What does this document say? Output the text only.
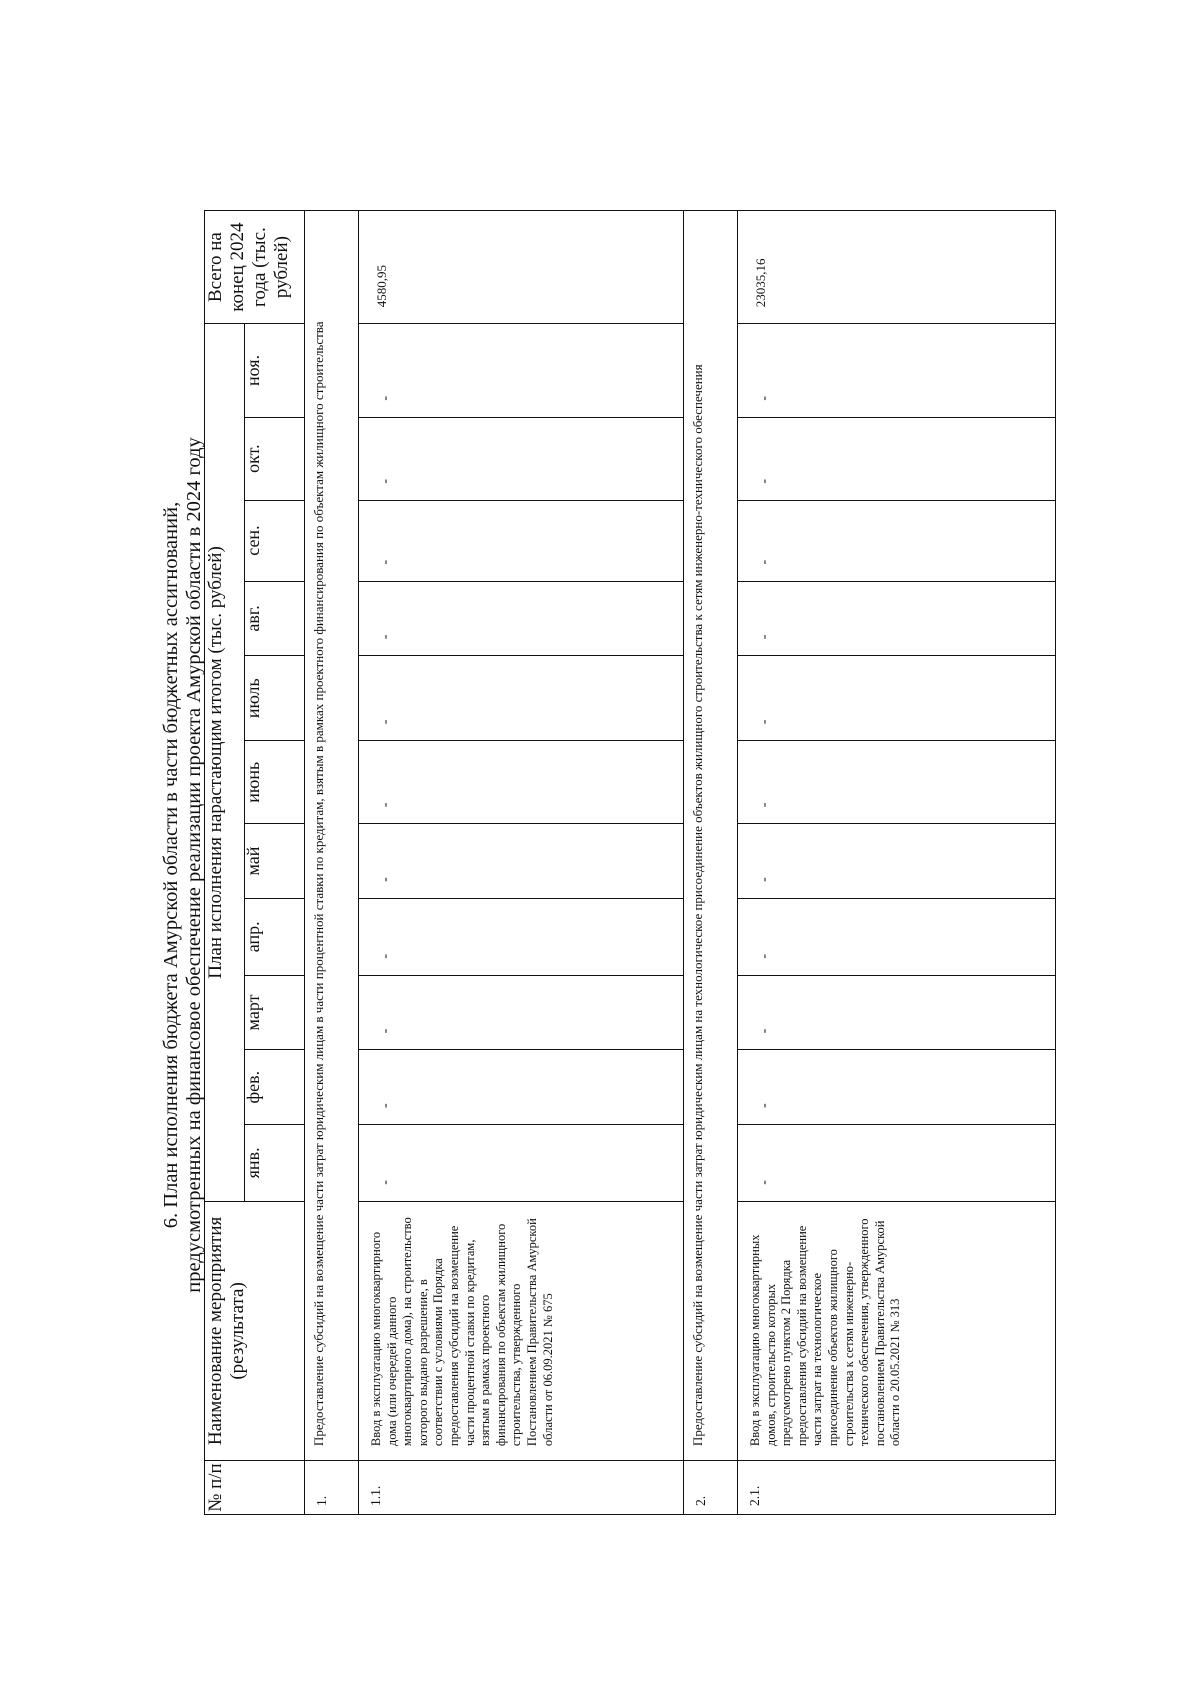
6. План исполнения бюджета Амурской области в части бюджетных ассигнований, предусмотренных на финансовое обеспечение реализации проекта Амурской области в 2024 году
№ п/п	Наименование мероприятия (результата)	План исполнения нарастающим итогом (тыс. рублей)											Всего на конец 2024 года (тыс. рублей)
		янв.	фев.	март	апр.	май	июнь	июль	авг.	сен.	окт.	ноя.	
1.	Предоставление субсидий на возмещение части затрат юридическим лицам в части процентной ставки по кредитам, взятым в рамках проектного финансирования по объектам жилищного строительства												
1.1.	Ввод в эксплуатацию многоквартирного дома (или очередей данного многоквартирного дома), на строительство которого выдано разрешение, в соответствии с условиями Порядка предоставления субсидий на возмещение части процентной ставки по кредитам, взятым в рамках проектного финансирования по объектам жилищного строительства, утвержденного Постановлением Правительства Амурской области от 06.09.2021 № 675	-	-	-	-	-	-	-	-	-	-	-	4580,95
2.	Предоставление субсидий на возмещение части затрат юридическим лицам на технологическое присоединение объектов жилищного строительства к сетям инженерно-технического обеспечения												
2.1.	Ввод в эксплуатацию многоквартирных домов, строительство которых предусмотрено пунктом 2 Порядка предоставления субсидий на возмещение части затрат на технологическое присоединение объектов жилищного строительства к сетям инженерно-технического обеспечения, утвержденного постановлением Правительства Амурской области о 20.05.2021 № 313	-	-	-	-	-	-	-	-	-	-	-	23035,16
